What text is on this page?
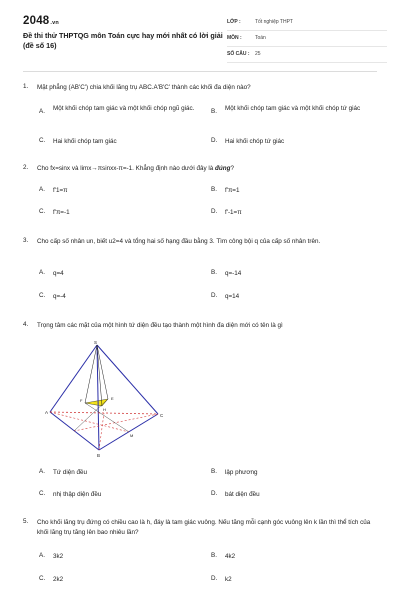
2048.vn
Đề thi thử THPTQG môn Toán cực hay mới nhất có lời giải (đề số 16)
LỚP :	Tốt nghiệp THPT
MÔN :	Toán
SỐ CÂU : 25
1. Mặt phẳng (AB'C') chia khối lăng trụ ABC.A'B'C' thành các khối đa diện nào?
A. Một khối chóp tam giác và một khối chóp ngũ giác.	B. Một khối chóp tam giác và một khối chóp tứ giác
C. Hai khối chóp tam giác	D. Hai khối chóp tứ giác
2. Cho fx=sinx và limx→πsinxx-π=-1. Khẳng định nào dưới đây là đúng?
A. f'1=π	B. f'π=1
C. f'π=-1	D. f'-1=π
3. Cho cấp số nhân un, biết u2=4 và tổng hai số hạng đầu bằng 3. Tìm công bội q của cấp số nhân trên.
A. q=4	B. q=-14
C. q=-4	D. q=14
4. Trọng tâm các mặt của một hình tứ diện đều tạo thành một hình đa diện mới có tên là gì
S
A
B
C
M
E
F
H
A. Tứ diện đều	B. lập phương
C. nhị thập diện đều	D. bát diện đều
5. Cho khối lăng trụ đứng có chiều cao là h, đáy là tam giác vuông. Nếu tăng mỗi cạnh góc vuông lên k lần thì thể tích của khối lăng trụ tăng lên bao nhiêu lần?
A. 3k2	B. 4k2
C. 2k2	D. k2
